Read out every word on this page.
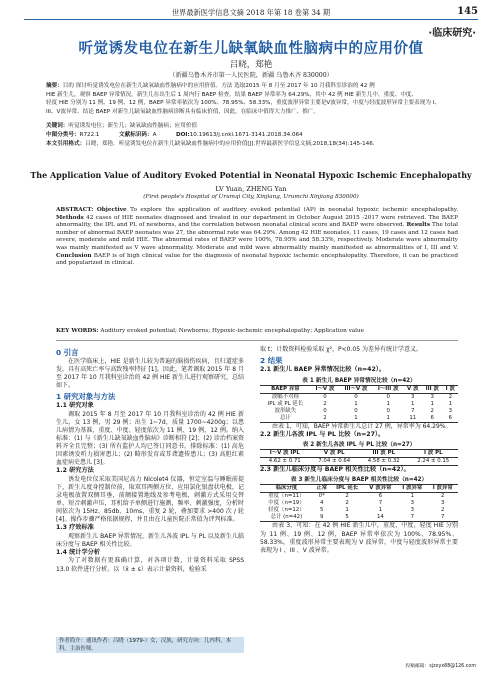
世界最新医学信息文摘 2018 年第 18 卷第 34 期	145
·临床研究·
听觉诱发电位在新生儿缺氧缺血性脑病中的应用价值
吕晓，郑艳
（新疆乌鲁木齐市第一人民医院，新疆 乌鲁木齐 830000）
摘要：目的 探讨听觉诱发电位在新生儿缺氧缺血性脑病中的应用价值。方法 选取2015 年 8 月至 2017 年 10 月我科室诊治的 42 例
HIE 新生儿，观察 BAEP 异常情况。新生儿在出生后 1 周内行 BAEP 检查。结果 BAEP 异常率为 64.29%，其中 42 例 HIE 新生儿中，重度、中度、
轻度 HIE 分别为 11 例、19 例、12 例，BAEP 异常率依次为 100%、78.95%、58.33%，重度波形异常主要是V波异常，中度与轻度波形异常主要表现为 I、
III、V波异常。结论 BAEP 对新生儿缺氧缺血性脑病诊断具有临床价值，因此，在临床中值得大力推广、推广。
关键词：听觉诱发电位；新生儿；缺氧缺血性脑病；应用价值
中图分类号：R722.1	文献标识码：A	DOI:10.19613/j.cnki.1671-3141.2018.34.064
本文引用格式：吕晓，郑艳．听觉诱发电位在新生儿缺氧缺血性脑病中的应用价值[J].世界最新医学信息文摘,2018,18(34):145-146.
The Application Value of Auditory Evoked Potential in Neonatal Hypoxic Ischemic Encephalopathy
LV Yuan, ZHENG Yan
(First people's Hospital of Urumqi City, Xinjiang, Urumchi Xinjiang 830000)
ABSTRACT: Objective To explore the application of auditory evoked potential (AP) in neonatal hypoxic ischemic encephalopathy. Methods 42 cases of HIE neonates diagnosed and treated in our department in October August 2015 -2017 were retrieved. The BAEP abnormality, the IPL and PL of newborns, and the correlation between neonatal clinical score and BAEP were observed. Results The total number of abnormal BAEP neonates was 27, the abnormal rate was 64.29%. Among 42 HIE neonates, 11 cases, 19 cases and 12 cases had severe, moderate and mild HIE. The abnormal rates of BAEP were 100%, 78.95% and 58.33%, respectively. Moderate wave abnormality was mainly manifested as V wave abnormality. Moderate and mild wave abnormality mainly manifested as abnormalities of I, III and V. Conclusion BAEP is of high clinical value for the diagnosis of neonatal hypoxic ischemic encephalopathy. Therefore, it can be practiced and popularized in clinical.
KEY WORDS: Auditory evoked potential; Newborns; Hypoxic-ischemic encephalopathy; Application value
0 引言

在医学临床上，HIE 是新生儿较为普遍的脑损伤疾病，且归道症多发，具有高死亡率与高致残率特征 [1]。因此，笔者调取 2015 年 8 月至 2017 年 10 月我科室诊治的 42 例 HIE 新生儿进行观察研究，总结如下。

1 研究对象与方法
1.1 研究对象

调取 2015 年 8 月至 2017 年 10 月我科室诊治的 42 例 HIE 新生儿，女 13 例，男 29 例；出生 1~7d，质量 1700~4200g；以患儿病情为基准，重度、中度、轻度依次为 11 例、19 例、12 例。纳入标准：(1) 与《新生儿缺氧缺血性脑病》诊断相符 [2]；(2) 诊治档案资料齐全且完整；(3) 所有监护人均已签订同意书。排除标准：(1) 高危因素诱发听力损害患儿；(2) 畸形发育或耳聋遗传患儿；(3) 高胆红素血症病史患儿 [3]。

1.2 研究方法

诱发电位仪采取美国尼高力 Nicolet4 仪器，恒定室温与睡眠前提下，新生儿度身控制位前，取双耳两侧方位，应用氯化银盘状电极，记录电极放置双侧耳垂，前额接置地线及参考电极，刺激方式采用交替单，短音刺激声压，耳机给予单侧进行施测，频率、刺激强度，分析时间依次为 15Hz、85db、10ms，重复 2 轮，叠加要求 >400 次 / 轮 [4]。操作步骤严格依据规程，并且由在儿童医院正常值为评判标准。

1.3 疗效标准

观察新生儿 BAEP 异常情况，新生儿各波 IPL 与 PL 以及新生儿临床分度与 BAEP 相关性比较。

1.4 统计学分析

为了对数据有更准确计算，对各项计数，计量资料采取 SPSS 13.0 软件进行分析。以（x̄ ± s）表示计量资料，检验采

作者简介：通讯作者：吕晓（1979-）女，汉族，研究方向：儿内科，本科，主治医师。

取 t；计数资料检验采取 χ²，P<0.05 为差异有统计学意义。

2 结果
2.1 新生儿 BAEP 异常情况比较（n=42）。
表 1 新生儿 BAEP 异常情况比较（n=42）
BAEP 异常	I～V 波	III～V 波	I～III 波	V 波	III 波	I 波
波幅不对称	0	0	0	3	3	2
IPL 或 PL 延长	2	1	1	1	1	1
波形缺失	0	0	0	7	2	3
总计	2	1	1	11	6	6

由表 1，可知，BAEP 异常新生儿总计 27 例，异常率为 64.29%。

2.2 新生儿各波 IPL 与 PL 比较（n=27）。
表 2 新生儿各波 IPL 与 PL 比较（n=27）
I～V 波 IPL	V 波 PL	III 波 PL	I 波 PL
4.62 ± 0.71	7.04 ± 0.64	4.58 ± 0.32	2.24 ± 0.15
2.3 新生儿临床分度与 BAEP 相关性比较（n=42）。
表 3 新生儿临床分度与 BAEP 相关性比较（n=42）
临床分度	正常	IPL 延长	V 波异常	I 波异常	I 波异常
重度（n=11）	0*	2	6	1	2
中度（n=19）	4	2	7	3	3
轻度（n=12）	5	1	1	3	2
总计 (n=42)	9	5	14	7	7

由表 3，可知：在 42 例 HIE 新生儿中，重度、中度、轻度 HIE 分别为 11 例、19 例、12 例，BAEP 异常率依次为 100%、78.95%、58.33%，重度波形异常主要表现为 V 波异常，中度与轻度波形异常主要表现为 I 、III 、V 波异常。

投稿邮箱：sjzxyx88@126.com
